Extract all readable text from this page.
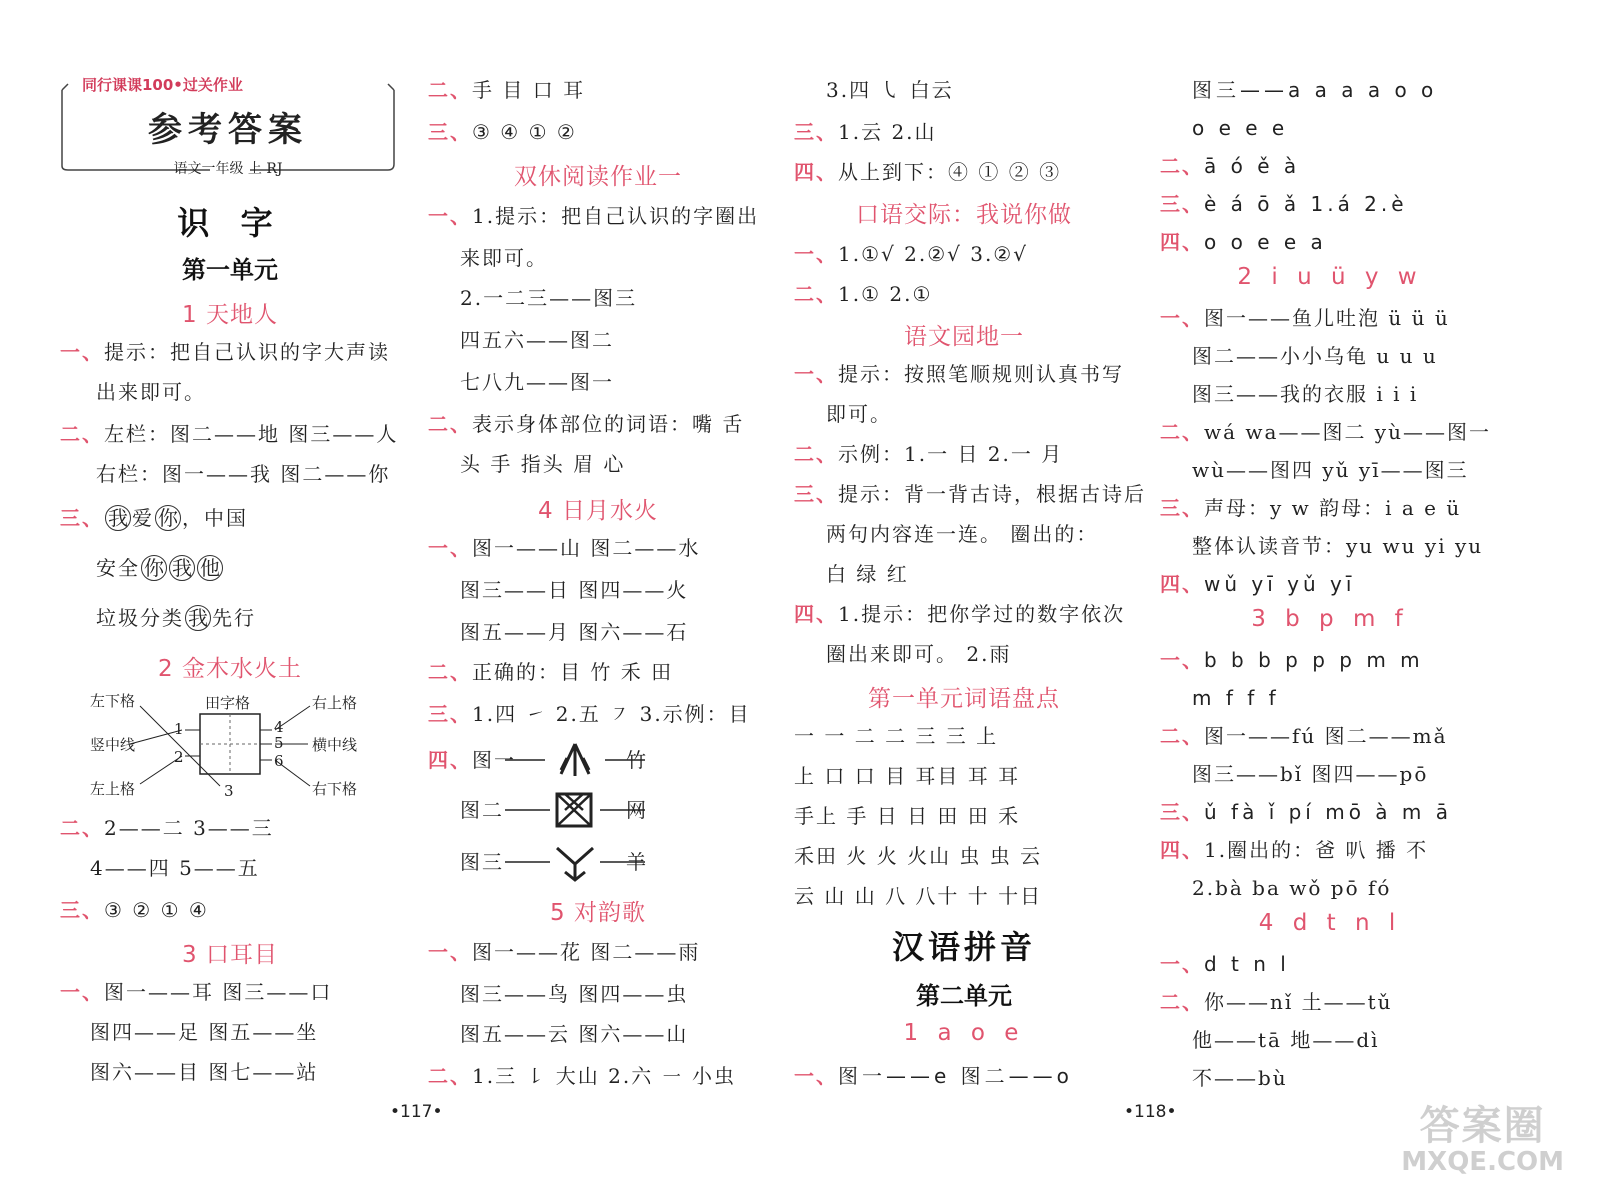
同行课课100•过关作业
参考答案
语文一年级 上 RJ
识 字
第一单元
1 天地人
一、提示：把自己认识的字大声读
出来即可。
二、左栏：图二——地 图三——人
右栏：图一——我 图二——你
三、 我 爱 你 ，中国
安全 你 我 他
垃圾分类 我 先行
2 金木水火土
左下格	田字格	右上格
竖中线	横中线
左上格	右下格
1
2
3
4
5
6
二、2——二 3——三
4——四 5——五
三、③ ② ① ④
3 口耳目
一、图一——耳 图三——口
图四——足 图五——坐
图六——目 图七——站
二、手 目 口 耳
三、③ ④ ① ②
双休阅读作业一
一、1.提示：把自己认识的字圈出
来即可。
2.一二三——图三
四五六——图二
七八九——图一
二、表示身体部位的词语：嘴 舌
头 手 指头 眉 心
4 日月水火
一、图一——山 图二——水
图三——日 图四——火
图五——月 图六——石
二、正确的：目 竹 禾 田
三、1.四 ㇀ 2.五 ㇇ 3.示例：目
四、图一	竹
图二	网
图三	羊
5 对韵歌
一、图一——花 图二——雨
图三——鸟 图四——虫
图五——云 图六——山
二、1.三 ㇙ 大山 2.六 ㇐ 小虫
•117•
3.四 ㇂ 白云
三、1.云 2.山
四、从上到下：④ ① ② ③
口语交际：我说你做
一、1.①√ 2.②√ 3.②√
二、1.① 2.①
语文园地一
一、提示：按照笔顺规则认真书写
即可。
二、示例：1.一 日 2.一 月
三、提示：背一背古诗，根据古诗后
两句内容连一连。 圈出的：
白 绿 红
四、1.提示：把你学过的数字依次
圈出来即可。 2.雨
第一单元词语盘点
一 一 二 二 三 三 上
上 口 口 目 耳目 耳 耳
手上 手 日 日 田 田 禾
禾田 火 火 火山 虫 虫 云
云 山 山 八 八十 十 十日
汉语拼音
第二单元
1 a o e
一、图一——e 图二——o
•118•
图三——a a a a o o
o e e e
二、ā ó ě à
三、è á ō ǎ 1.á 2.è
四、o o e e a
2 i u ü y w
一、图一——鱼儿吐泡 ü ü ü
图二——小小乌龟 u u u
图三——我的衣服 i i i
二、wá wa——图二 yù——图一
wù——图四 yǔ yī——图三
三、声母：y w 韵母：i a e ü
整体认读音节：yu wu yi yu
四、wǔ yī yǔ yī
3 b p m f
一、b b b p p p m m
m f f f
二、图一——fú 图二——mǎ
图三——bǐ 图四——pō
三、ǔ fà ǐ pí mō à m ā
四、1.圈出的：爸 叭 播 不
2.bà ba wǒ pō fó
4 d t n l
一、d t n l
二、你——nǐ 土——tǔ
他——tā 地——dì
不——bù
答案圈
MXQE.COM
